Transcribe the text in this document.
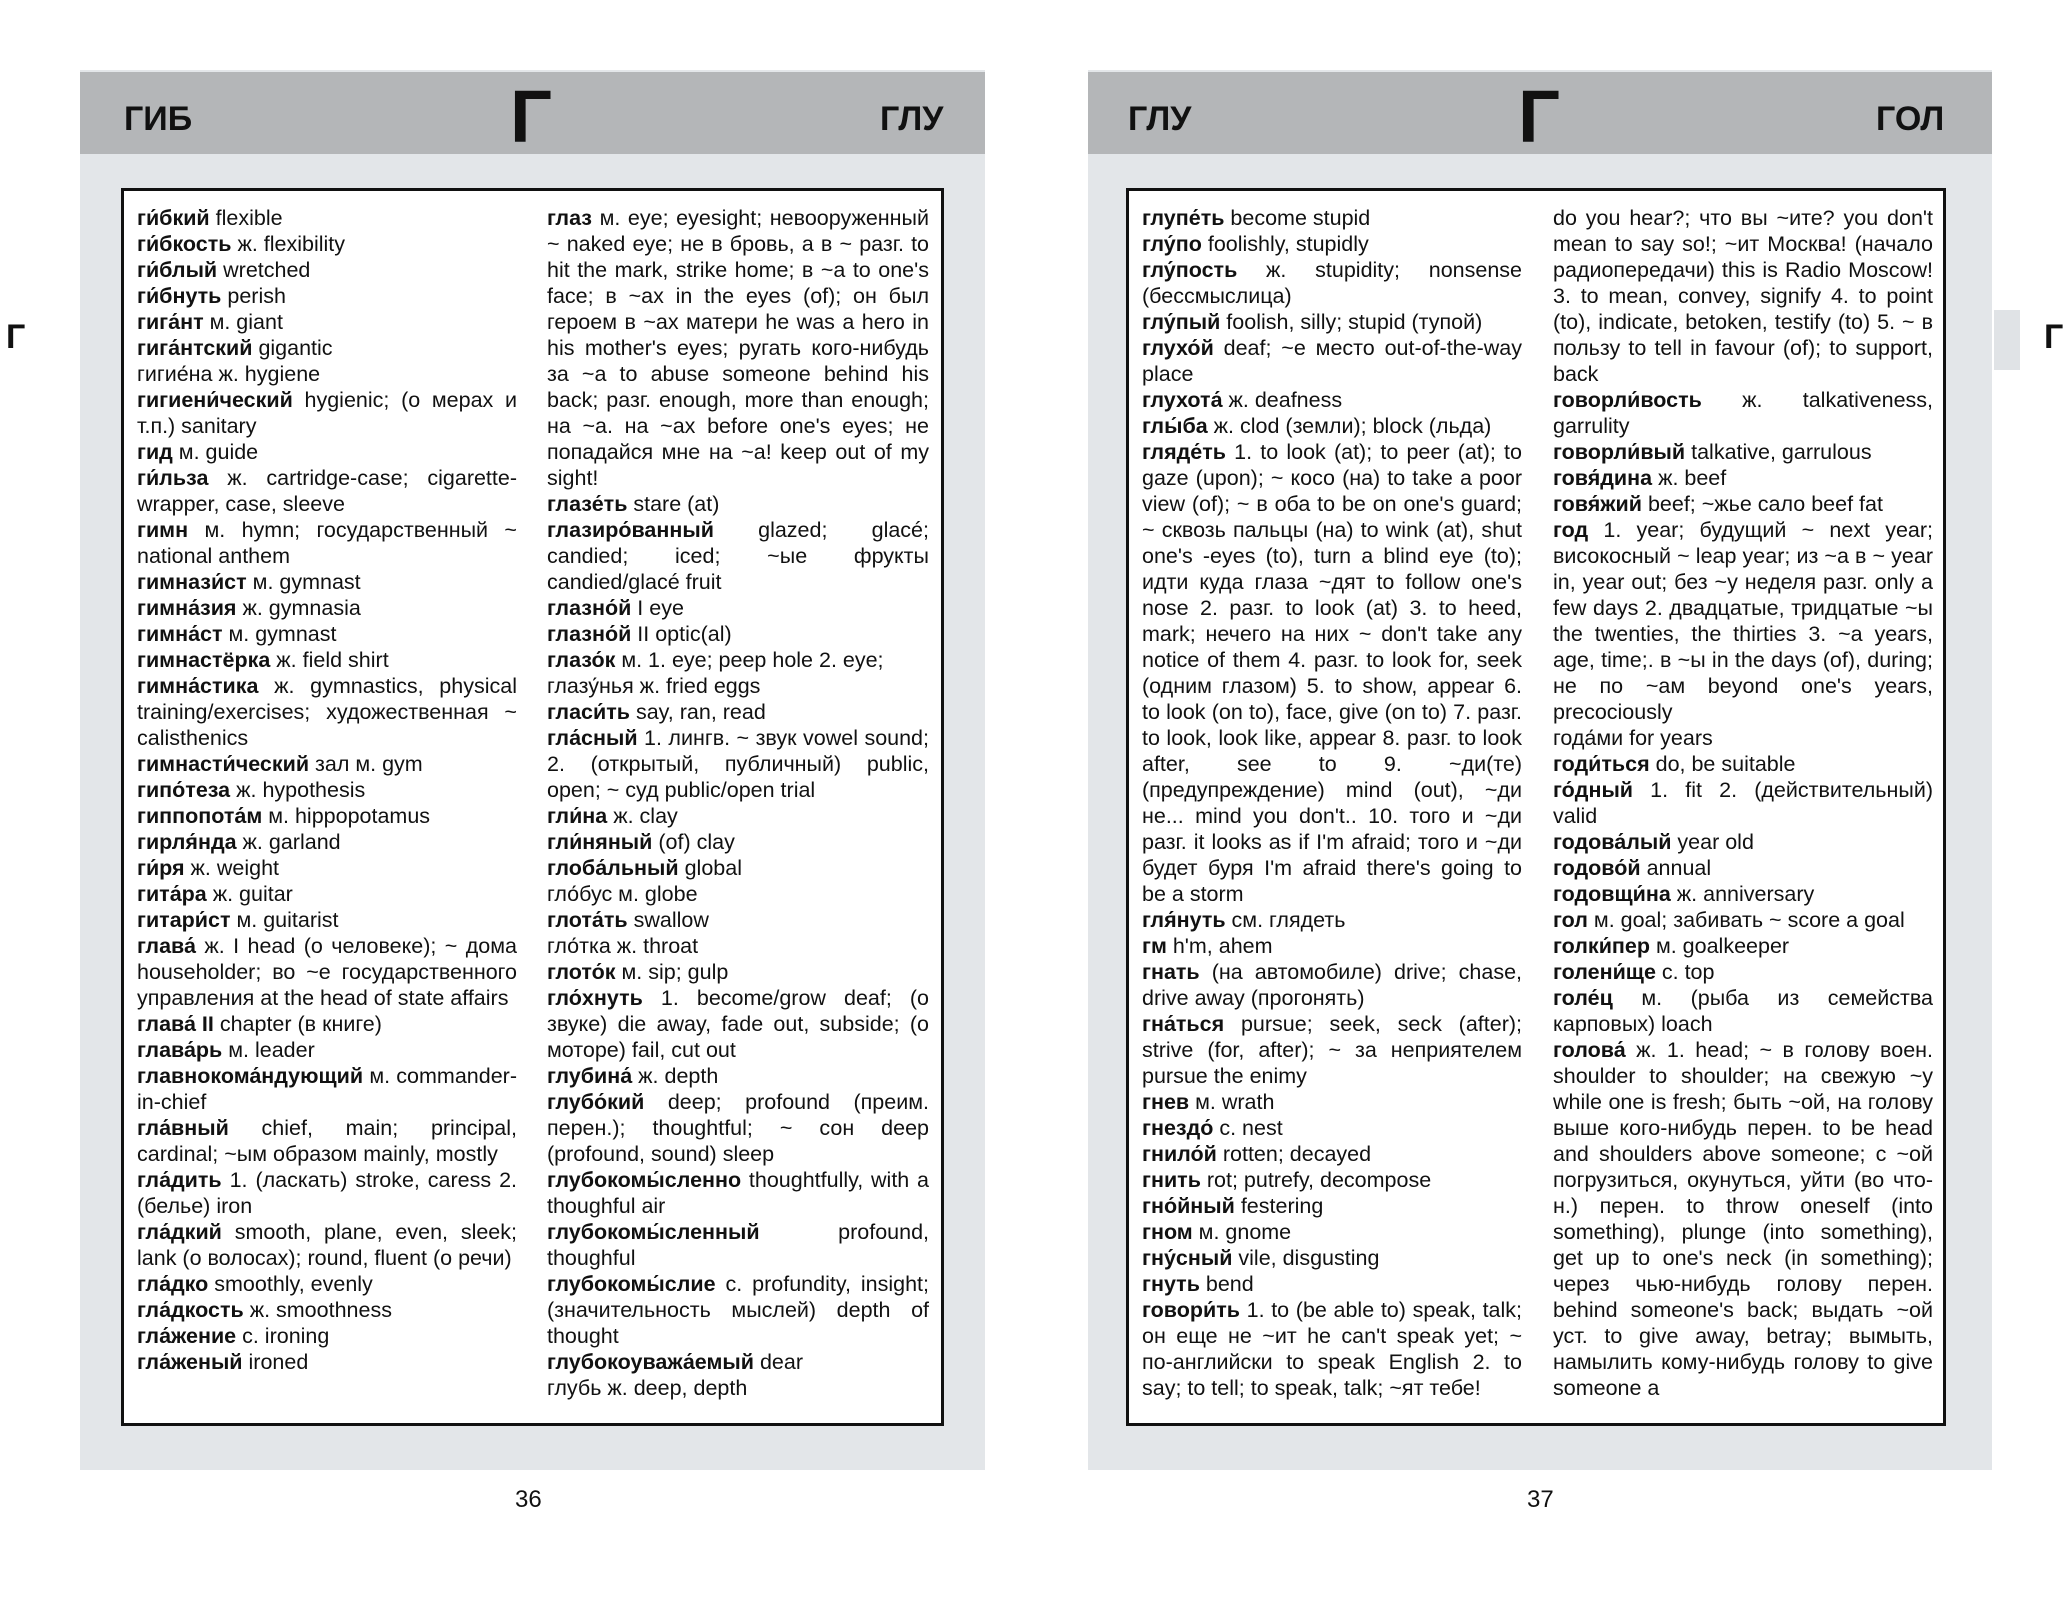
ГИБ	Г	ГЛУ
Г

ги́бкий flexible

ги́бкость ж. flexibility

ги́блый wretched

ги́бнуть perish

гига́нт м. giant

гига́нтский gigantic

гигие́на ж. hygiene

гигиени́ческий hygienic; (о мерах и т.п.) sanitary

гид м. guide

ги́льза ж. cartridge-case; cigarette-wrapper, case, sleeve

гимн м. hymn; государственный ~ national anthem

гимнази́ст м. gymnast

гимна́зия ж. gymnasia

гимна́ст м. gymnast

гимнастёрка ж. field shirt

гимна́стика ж. gymnastics, physical training/exercises; художественная ~ calisthenics

гимнасти́ческий зал м. gym

гипо́теза ж. hypothesis

гиппопота́м м. hippopotamus

гирля́нда ж. garland

ги́ря ж. weight

гита́ра ж. guitar

гитари́ст м. guitarist

глава́ ж. I head (о человеке); ~ дома householder; во ~е государственного управления at the head of state affairs

глава́ II chapter (в книге)

глава́рь м. leader

главнокома́ндующий м. commander-in-chief

гла́вный chief, main; principal, cardinal; ~ым образом mainly, mostly

гла́дить 1. (ласкать) stroke, caress 2. (белье) iron

гла́дкий smooth, plane, even, sleek; lank (о волосах); round, fluent (о речи)

гла́дко smoothly, evenly

гла́дкость ж. smoothness

гла́жение с. ironing

гла́женый ironed

глаз м. eye; eyesight; невооруженный ~ naked eye; не в бровь, а в ~ разг. to hit the mark, strike home; в ~а to one's face; в ~ах in the eyes (of); он был героем в ~ах матери he was a hero in his mother's eyes; ругать кого-нибудь за ~а to abuse someone behind his back; разг. enough, more than enough; на ~а. на ~ах before one's eyes; не попадайся мне на ~а! keep out of my sight!

глазе́ть stare (at)

глазиро́ванный glazed; glacé; candied; iced; ~ые фрукты candied/glacé fruit

глазно́й I eye

глазно́й II optic(al)

глазо́к м. 1. eye; peep hole 2. eye;

глазу́нья ж. fried eggs

гласи́ть say, ran, read

гла́сный 1. лингв. ~ звук vowel sound; 2. (открытый, публичный) public, open; ~ суд public/open trial

гли́на ж. clay

гли́няный (of) clay

глоба́льный global

гло́бус м. globe

глота́ть swallow

гло́тка ж. throat

глото́к м. sip; gulp

гло́хнуть 1. become/grow deaf; (о звуке) die away, fade out, subside; (о моторе) fail, cut out

глубина́ ж. depth

глубо́кий deep; profound (преим. перен.); thoughtful; ~ сон deep (profound, sound) sleep

глубокомы́сленно thoughtfully, with a thoughful air

глубокомы́сленный profound, thoughful

глубокомы́слие с. profundity, insight; (значительность мыслей) depth of thought

глубокоуважа́емый dear

глубь ж. deep, depth

36
ГЛУ	Г	ГОЛ
Г

глупе́ть become stupid

глу́по foolishly, stupidly

глу́пость ж. stupidity; nonsense (бессмыслица)

глу́пый foolish, silly; stupid (тупой)

глухо́й deaf; ~е место out-of-the-way place

глухота́ ж. deafness

глы́ба ж. clod (земли); block (льда)

гляде́ть 1. to look (at); to peer (at); to gaze (upon); ~ косо (на) to take a poor view (of); ~ в оба to be on one's guard; ~ сквозь пальцы (на) to wink (at), shut one's -eyes (to), turn a blind eye (to); идти куда глаза ~дят to follow one's nose 2. разг. to look (at) 3. to heed, mark; нечего на них ~ don't take any notice of them 4. разг. to look for, seek (одним глазом) 5. to show, appear 6. to look (on to), face, give (on to) 7. разг. to look, look like, appear 8. разг. to look after, see to 9. ~ди(те) (предупреждение) mind (out), ~ди не... mind you don't.. 10. того и ~ди разг. it looks as if I'm afraid; того и ~ди будет буря I'm afraid there's going to be a storm

гля́нуть см. глядеть

гм h'm, ahem

гнать (на автомобиле) drive; chase, drive away (прогонять)

гна́ться pursue; seek, seck (after); strive (for, after); ~ за неприятелем pursue the enimy

гнев м. wrath

гнездо́ с. nest

гнило́й rotten; decayed

гнить rot; putrefy, decompose

гно́йный festering

гном м. gnome

гну́сный vile, disgusting

гнуть bend

говори́ть 1. to (be able to) speak, talk; он еще не ~ит he can't speak yet; ~ по-английски to speak English 2. to say; to tell; to speak, talk; ~ят тебе!

do you hear?; что вы ~ите? you don't mean to say so!; ~ит Москва! (начало радиопередачи) this is Radio Moscow! 3. to mean, convey, signify 4. to point (to), indicate, betoken, testify (to) 5. ~ в пользу to tell in favour (of); to support, back

говорли́вость ж. talkativeness, garrulity

говорли́вый talkative, garrulous

говя́дина ж. beef

говя́жий beef; ~жье сало beef fat

год 1. year; будущий ~ next year; високосный ~ leap year; из ~а в ~ year in, year out; без ~у неделя разг. only a few days 2. двадцатые, тридцатые ~ы the twenties, the thirties 3. ~а years, age, time;. в ~ы in the days (of), during; не по ~ам beyond one's years, precociously

года́ми for years

годи́ться do, be suitable

го́дный 1. fit 2. (действительный) valid

годова́лый year old

годово́й annual

годовщи́на ж. anniversary

гол м. goal; забивать ~ score a goal

голки́пер м. goalkeeper

голени́ще с. top

голе́ц м. (рыба из семейства карповых) loach

голова́ ж. 1. head; ~ в голову воен. shoulder to shoulder; на свежую ~у while one is fresh; быть ~ой, на голову выше кого-нибудь перен. to be head and shoulders above someone; с ~ой погрузиться, окунуться, уйти (во что-н.) перен. to throw oneself (into something), plunge (into something), get up to one's neck (in something); через чью-нибудь голову перен. behind someone's back; выдать ~ой уст. to give away, betray; вымыть, намылить кому-нибудь голову to give someone a

37
